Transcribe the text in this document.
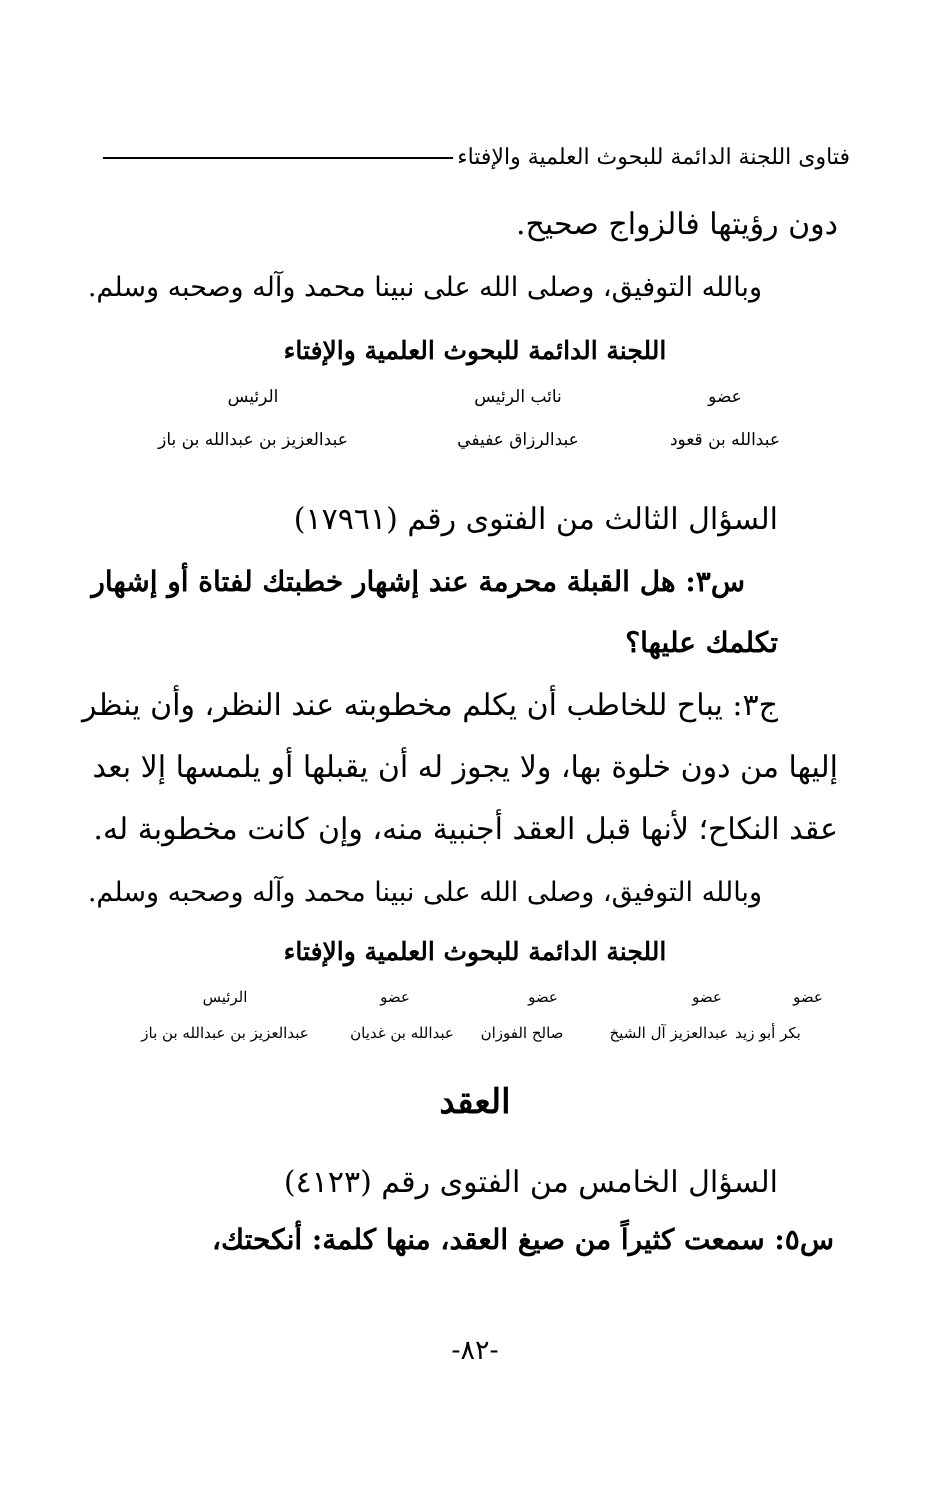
فتاوى اللجنة الدائمة للبحوث العلمية والإفتاء
دون رؤيتها فالزواج صحيح.
وبالله التوفيق، وصلى الله على نبينا محمد وآله وصحبه وسلم.
اللجنة الدائمة للبحوث العلمية والإفتاء
عضو
نائب الرئيس
الرئيس
عبدالله بن قعود
عبدالرزاق عفيفي
عبدالعزيز بن عبدالله بن باز
السؤال الثالث من الفتوى رقم (١٧٩٦١)
س٣: هل القبلة محرمة عند إشهار خطبتك لفتاة أو إشهار
تكلمك عليها؟
ج٣: يباح للخاطب أن يكلم مخطوبته عند النظر، وأن ينظر
إليها من دون خلوة بها، ولا يجوز له أن يقبلها أو يلمسها إلا بعد
عقد النكاح؛ لأنها قبل العقد أجنبية منه، وإن كانت مخطوبة له.
وبالله التوفيق، وصلى الله على نبينا محمد وآله وصحبه وسلم.
اللجنة الدائمة للبحوث العلمية والإفتاء
عضو
عضو
عضو
عضو
الرئيس
بكر أبو زيد
عبدالعزيز آل الشيخ
صالح الفوزان
عبدالله بن غديان
عبدالعزيز بن عبدالله بن باز
العقد
السؤال الخامس من الفتوى رقم (٤١٢٣)
س٥: سمعت كثيراً من صيغ العقد، منها كلمة: أنكحتك،
-٨٢-
